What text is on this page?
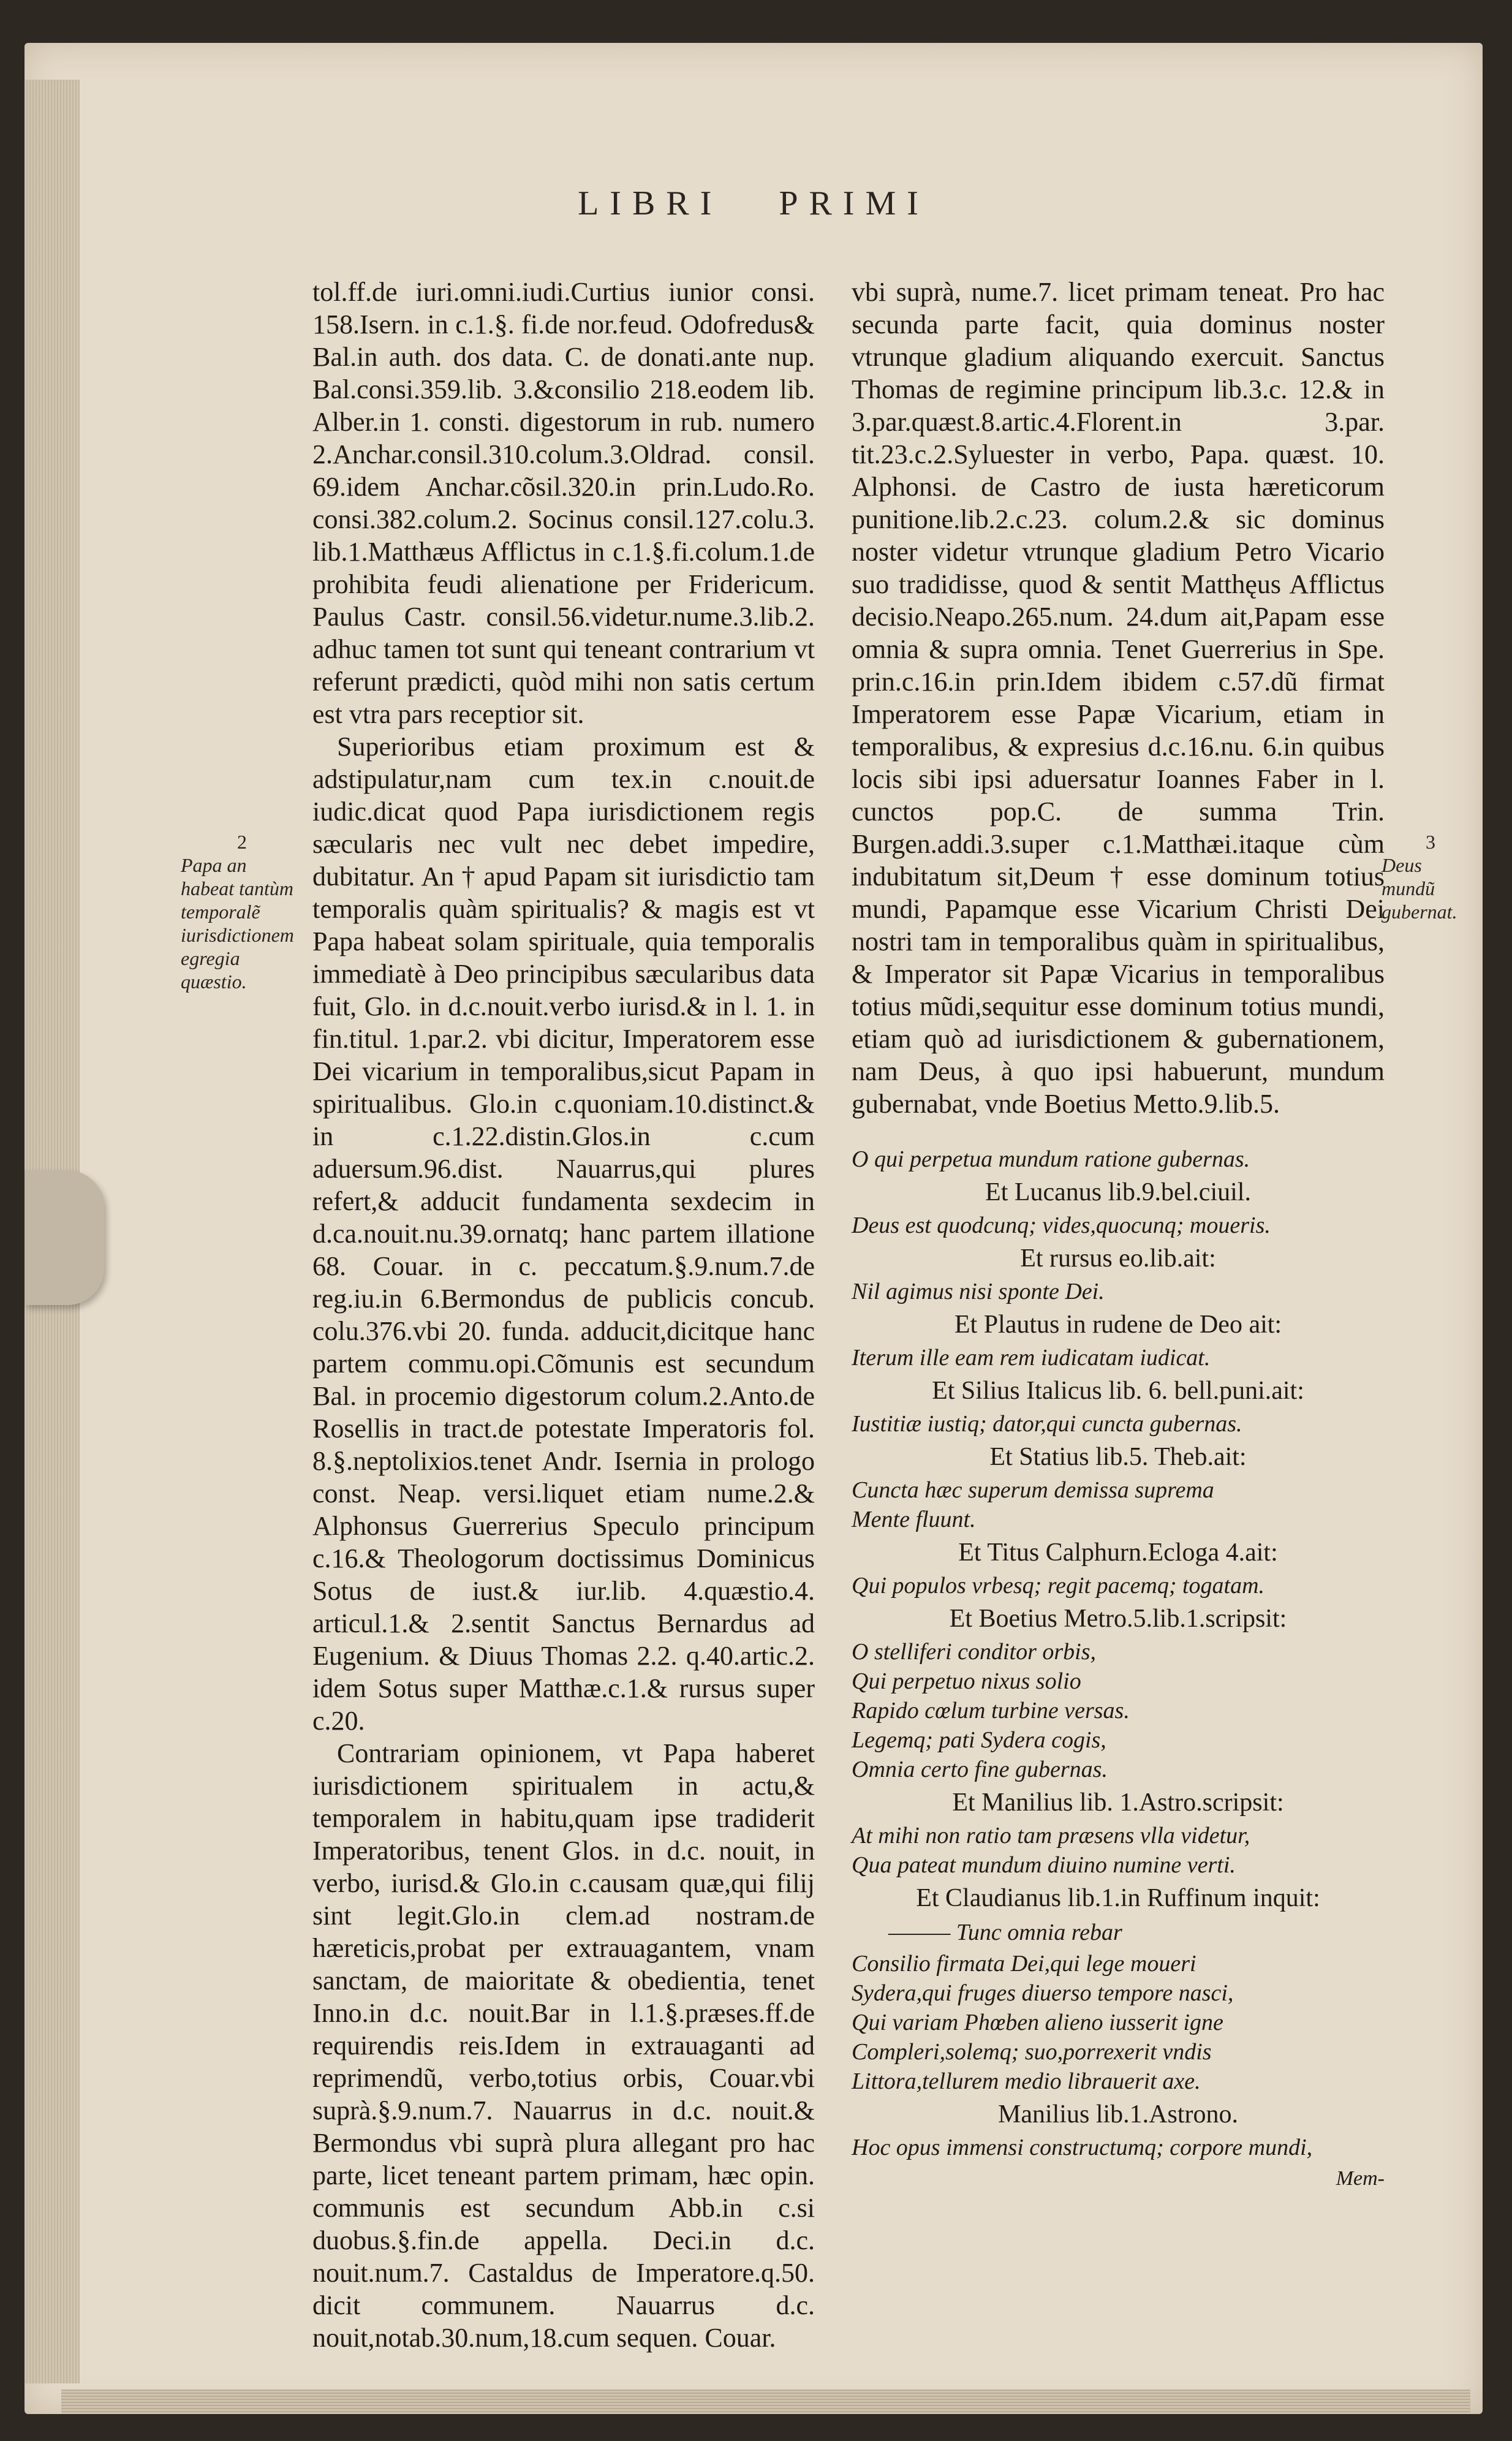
LIBRI PRIMI
2
Papa an habeat tantùm temporalẽ iurisdictionem egregia quæstio.
3
Deus mundũ gubernat.

tol.ff.de iuri.omni.iudi.Curtius iunior consi. 158.Isern. in c.1.§. fi.de nor.feud. Odofredus& Bal.in auth. dos data. C. de donati.ante nup. Bal.consi.359.lib. 3.&consilio 218.eodem lib. Alber.in 1. consti. digestorum in rub. numero 2.Anchar.consil.310.colum.3.Oldrad. consil. 69.idem Anchar.cõsil.320.in prin.Ludo.Ro. consi.382.colum.2. Socinus consil.127.colu.3. lib.1.Matthæus Afflictus in c.1.§.fi.colum.1.de prohibita feudi alienatione per Fridericum. Paulus Castr. consil.56.videtur.nume.3.lib.2. adhuc tamen tot sunt qui teneant contrarium vt referunt prædicti, quòd mihi non satis certum est vtra pars receptior sit.

Superioribus etiam proximum est & adstipulatur,nam cum tex.in c.nouit.de iudic.dicat quod Papa iurisdictionem regis sæcularis nec vult nec debet impedire, dubitatur. An † apud Papam sit iurisdictio tam temporalis quàm spiritualis? & magis est vt Papa habeat solam spirituale, quia temporalis immediatè à Deo principibus sæcularibus data fuit, Glo. in d.c.nouit.verbo iurisd.& in l. 1. in fin.titul. 1.par.2. vbi dicitur, Imperatorem esse Dei vicarium in temporalibus,sicut Papam in spiritualibus. Glo.in c.quoniam.10.distinct.& in c.1.22.distin.Glos.in c.cum aduersum.96.dist. Nauarrus,qui plures refert,& adducit fundamenta sexdecim in d.ca.nouit.nu.39.ornatq; hanc partem illatione 68. Couar. in c. peccatum.§.9.num.7.de reg.iu.in 6.Bermondus de publicis concub. colu.376.vbi 20. funda. adducit,dicitque hanc partem commu.opi.Cõmunis est secundum Bal. in procemio digestorum colum.2.Anto.de Rosellis in tract.de potestate Imperatoris fol. 8.§.neptolixios.tenet Andr. Isernia in prologo const. Neap. versi.liquet etiam nume.2.& Alphonsus Guerrerius Speculo principum c.16.& Theologorum doctissimus Dominicus Sotus de iust.& iur.lib. 4.quæstio.4. articul.1.& 2.sentit Sanctus Bernardus ad Eugenium. & Diuus Thomas 2.2. q.40.artic.2. idem Sotus super Matthæ.c.1.& rursus super c.20.

Contrariam opinionem, vt Papa haberet iurisdictionem spiritualem in actu,& temporalem in habitu,quam ipse tradiderit Imperatoribus, tenent Glos. in d.c. nouit, in verbo, iurisd.& Glo.in c.causam quæ,qui filij sint legit.Glo.in clem.ad nostram.de hæreticis,probat per extrauagantem, vnam sanctam, de maioritate & obedientia, tenet Inno.in d.c. nouit.Bar in l.1.§.præses.ff.de requirendis reis.Idem in extrauaganti ad reprimendũ, verbo,totius orbis, Couar.vbi suprà.§.9.num.7. Nauarrus in d.c. nouit.& Bermondus vbi suprà plura allegant pro hac parte, licet teneant partem primam, hæc opin. communis est secundum Abb.in c.si duobus.§.fin.de appella. Deci.in d.c. nouit.num.7. Castaldus de Imperatore.q.50. dicit communem. Nauarrus d.c. nouit,notab.30.num,18.cum sequen. Couar.

vbi suprà, nume.7. licet primam teneat. Pro hac secunda parte facit, quia dominus noster vtrunque gladium aliquando exercuit. Sanctus Thomas de regimine principum lib.3.c. 12.& in 3.par.quæst.8.artic.4.Florent.in 3.par. tit.23.c.2.Syluester in verbo, Papa. quæst. 10. Alphonsi. de Castro de iusta hæreticorum punitione.lib.2.c.23. colum.2.& sic dominus noster videtur vtrunque gladium Petro Vicario suo tradidisse, quod & sentit Matthęus Afflictus decisio.Neapo.265.num. 24.dum ait,Papam esse omnia & supra omnia. Tenet Guerrerius in Spe. prin.c.16.in prin.Idem ibidem c.57.dũ firmat Imperatorem esse Papæ Vicarium, etiam in temporalibus, & expresius d.c.16.nu. 6.in quibus locis sibi ipsi aduersatur Ioannes Faber in l. cunctos pop.C. de summa Trin. Burgen.addi.3.super c.1.Matthæi.itaque cùm indubitatum sit,Deum † esse dominum totius mundi, Papamque esse Vicarium Christi Dei nostri tam in temporalibus quàm in spiritualibus, & Imperator sit Papæ Vicarius in temporalibus totius mũdi,sequitur esse dominum totius mundi, etiam quò ad iurisdictionem & gubernationem, nam Deus, à quo ipsi habuerunt, mundum gubernabat, vnde Boetius Metto.9.lib.5.

O qui perpetua mundum ratione gubernas.
Et Lucanus lib.9.bel.ciuil.
Deus est quodcunq; vides,quocunq; moueris.
Et rursus eo.lib.ait:
Nil agimus nisi sponte Dei.
Et Plautus in rudene de Deo ait:
Iterum ille eam rem iudicatam iudicat.
Et Silius Italicus lib. 6. bell.puni.ait:
Iustitiæ iustiq; dator,qui cuncta gubernas.
Et Statius lib.5. Theb.ait:
Cuncta hæc superum demissa suprema
Mente fluunt.
Et Titus Calphurn.Ecloga 4.ait:
Qui populos vrbesq; regit pacemq; togatam.
Et Boetius Metro.5.lib.1.scripsit:
O stelliferi conditor orbis,
Qui perpetuo nixus solio
Rapido cœlum turbine versas.
Legemq; pati Sydera cogis,
Omnia certo fine gubernas.
Et Manilius lib. 1.Astro.scripsit:
At mihi non ratio tam præsens vlla videtur,
Qua pateat mundum diuino numine verti.
Et Claudianus lib.1.in Ruffinum inquit:
——— Tunc omnia rebar
Consilio firmata Dei,qui lege moueri
Sydera,qui fruges diuerso tempore nasci,
Qui variam Phœben alieno iusserit igne
Compleri,solemq; suo,porrexerit vndis
Littora,tellurem medio librauerit axe.
Manilius lib.1.Astrono.
Hoc opus immensi constructumq; corpore mundi,
Mem-
